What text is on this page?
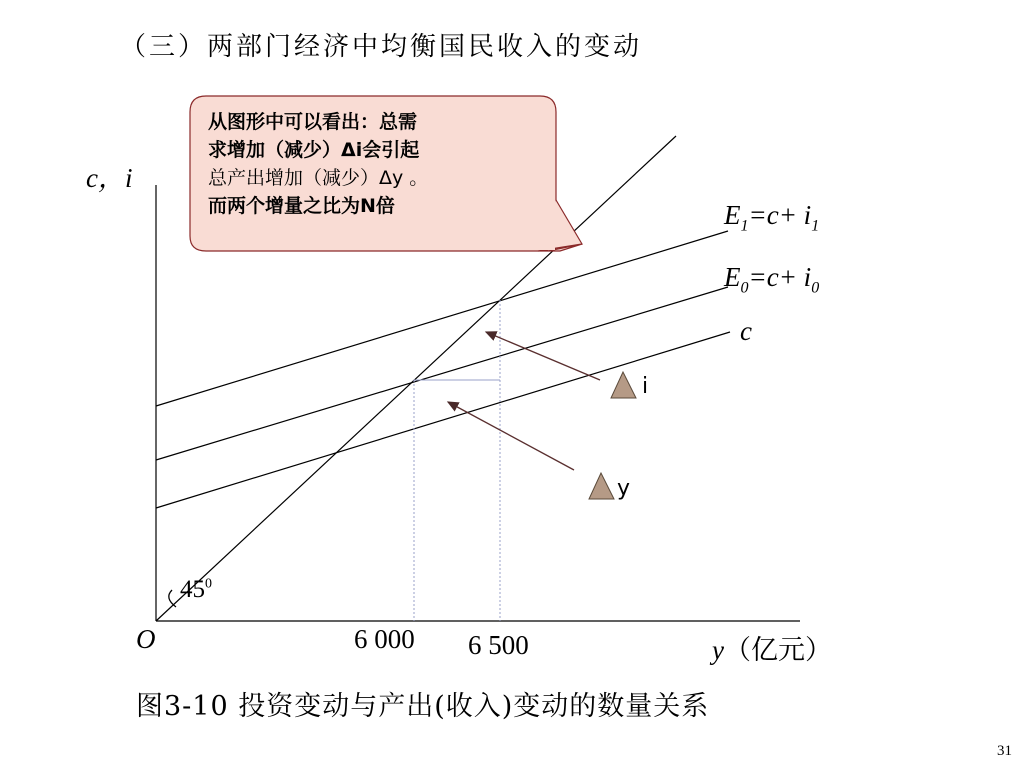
（三）两部门经济中均衡国民收入的变动
从图形中可以看出：总需
求增加（减少）Δi会引起
总产出增加（减少）Δy 。
而两个增量之比为N倍
c，i
O
$45^0$
$E_1=c+ i_1$
$E_0=c+ i_0$
c
6 000 6 500	y（亿元）
i
y
图3-10 投资变动与产出(收入)变动的数量关系
31
